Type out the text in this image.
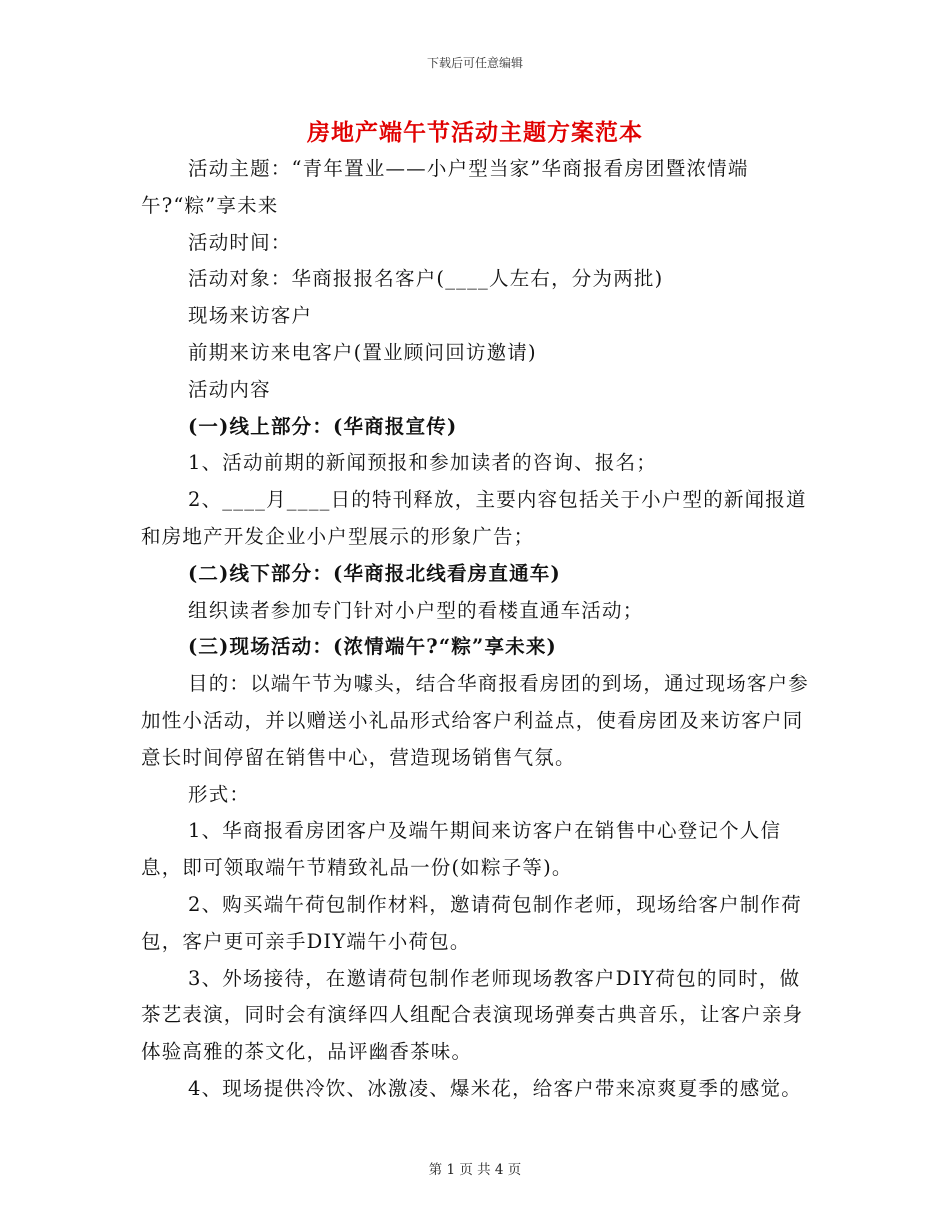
下载后可任意编辑
房地产端午节活动主题方案范本

活动主题：“青年置业——小户型当家”华商报看房团暨浓情端午?“粽”享未来

活动时间：

活动对象：华商报报名客户(____人左右，分为两批)

现场来访客户

前期来访来电客户(置业顾问回访邀请)

活动内容

(一)线上部分：(华商报宣传)

1、活动前期的新闻预报和参加读者的咨询、报名；

2、____月____日的特刊释放，主要内容包括关于小户型的新闻报道和房地产开发企业小户型展示的形象广告；

(二)线下部分：(华商报北线看房直通车)

组织读者参加专门针对小户型的看楼直通车活动；

(三)现场活动：(浓情端午?“粽”享未来)

目的：以端午节为噱头，结合华商报看房团的到场，通过现场客户参加性小活动，并以赠送小礼品形式给客户利益点，使看房团及来访客户同意长时间停留在销售中心，营造现场销售气氛。

形式：

1、华商报看房团客户及端午期间来访客户在销售中心登记个人信息，即可领取端午节精致礼品一份(如粽子等)。

2、购买端午荷包制作材料，邀请荷包制作老师，现场给客户制作荷包，客户更可亲手DIY端午小荷包。

3、外场接待，在邀请荷包制作老师现场教客户DIY荷包的同时，做茶艺表演，同时会有演绎四人组配合表演现场弹奏古典音乐，让客户亲身体验高雅的茶文化，品评幽香茶味。

4、现场提供冷饮、冰激凌、爆米花，给客户带来凉爽夏季的感觉。

第 1 页 共 4 页
